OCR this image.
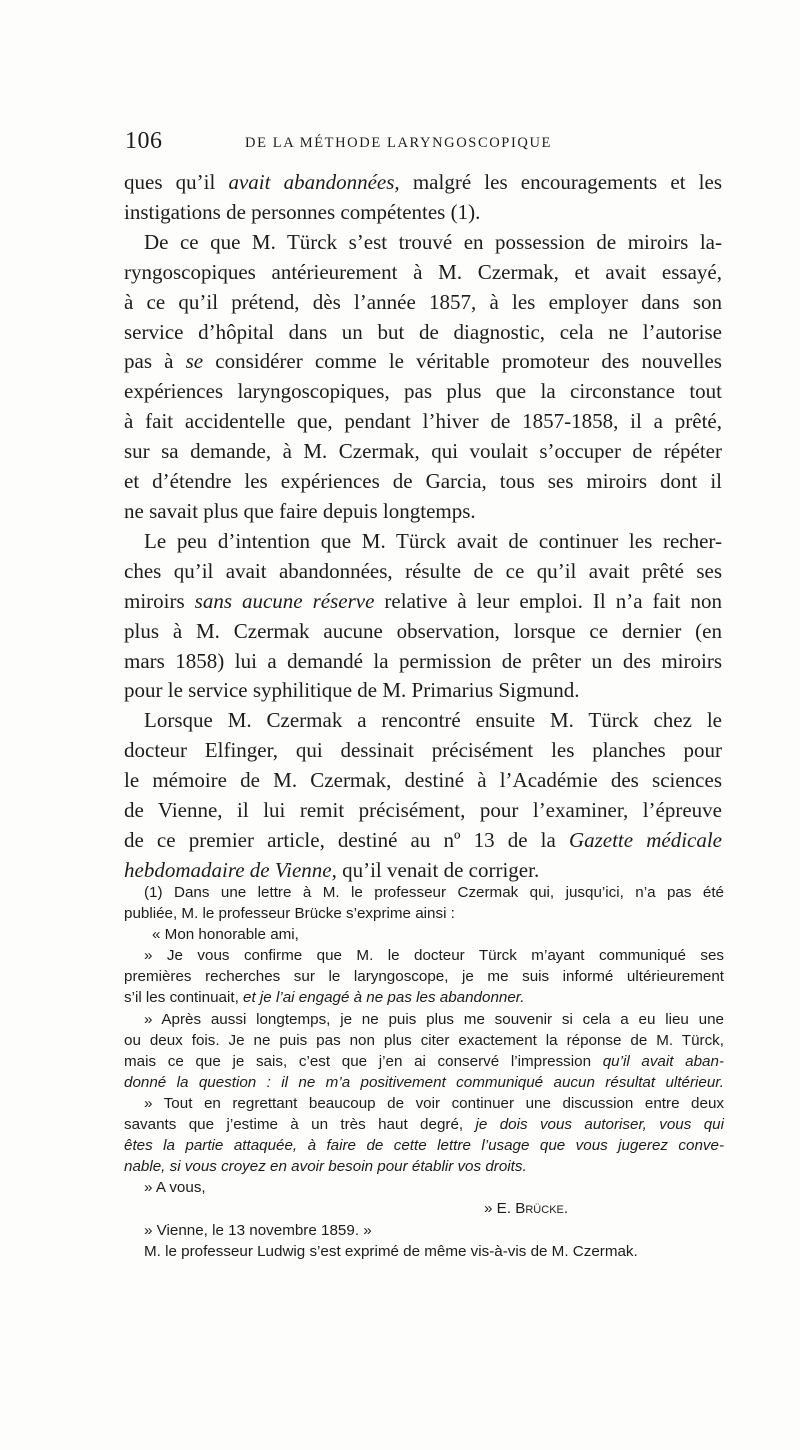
106	DE LA MÉTHODE LARYNGOSCOPIQUE

ques qu’il avait abandonnées, malgré les encouragements et les
instigations de personnes compétentes (1).

De ce que M. Türck s’est trouvé en possession de miroirs la-
ryngoscopiques antérieurement à M. Czermak, et avait essayé,
à ce qu’il prétend, dès l’année 1857, à les employer dans son
service d’hôpital dans un but de diagnostic, cela ne l’autorise
pas à se considérer comme le véritable promoteur des nouvelles
expériences laryngoscopiques, pas plus que la circonstance tout
à fait accidentelle que, pendant l’hiver de 1857-1858, il a prêté,
sur sa demande, à M. Czermak, qui voulait s’occuper de répéter
et d’étendre les expériences de Garcia, tous ses miroirs dont il
ne savait plus que faire depuis longtemps.

Le peu d’intention que M. Türck avait de continuer les recher-
ches qu’il avait abandonnées, résulte de ce qu’il avait prêté ses
miroirs sans aucune réserve relative à leur emploi. Il n’a fait non
plus à M. Czermak aucune observation, lorsque ce dernier (en
mars 1858) lui a demandé la permission de prêter un des miroirs
pour le service syphilitique de M. Primarius Sigmund.

Lorsque M. Czermak a rencontré ensuite M. Türck chez le
docteur Elfinger, qui dessinait précisément les planches pour
le mémoire de M. Czermak, destiné à l’Académie des sciences
de Vienne, il lui remit précisément, pour l’examiner, l’épreuve
de ce premier article, destiné au nº 13 de la Gazette médicale
hebdomadaire de Vienne, qu’il venait de corriger.

(1) Dans une lettre à M. le professeur Czermak qui, jusqu’ici, n’a pas été
publiée, M. le professeur Brücke s’exprime ainsi :
« Mon honorable ami,
» Je vous confirme que M. le docteur Türck m’ayant communiqué ses
premières recherches sur le laryngoscope, je me suis informé ultérieurement
s’il les continuait, et je l’ai engagé à ne pas les abandonner.
» Après aussi longtemps, je ne puis plus me souvenir si cela a eu lieu une
ou deux fois. Je ne puis pas non plus citer exactement la réponse de M. Türck,
mais ce que je sais, c’est que j’en ai conservé l’impression qu’il avait aban-
donné la question : il ne m’a positivement communiqué aucun résultat ultérieur.
» Tout en regrettant beaucoup de voir continuer une discussion entre deux
savants que j’estime à un très haut degré, je dois vous autoriser, vous qui
êtes la partie attaquée, à faire de cette lettre l’usage que vous jugerez conve-
nable, si vous croyez en avoir besoin pour établir vos droits.
» A vous,
» E. Brücke.
» Vienne, le 13 novembre 1859. »
M. le professeur Ludwig s’est exprimé de même vis-à-vis de M. Czermak.
